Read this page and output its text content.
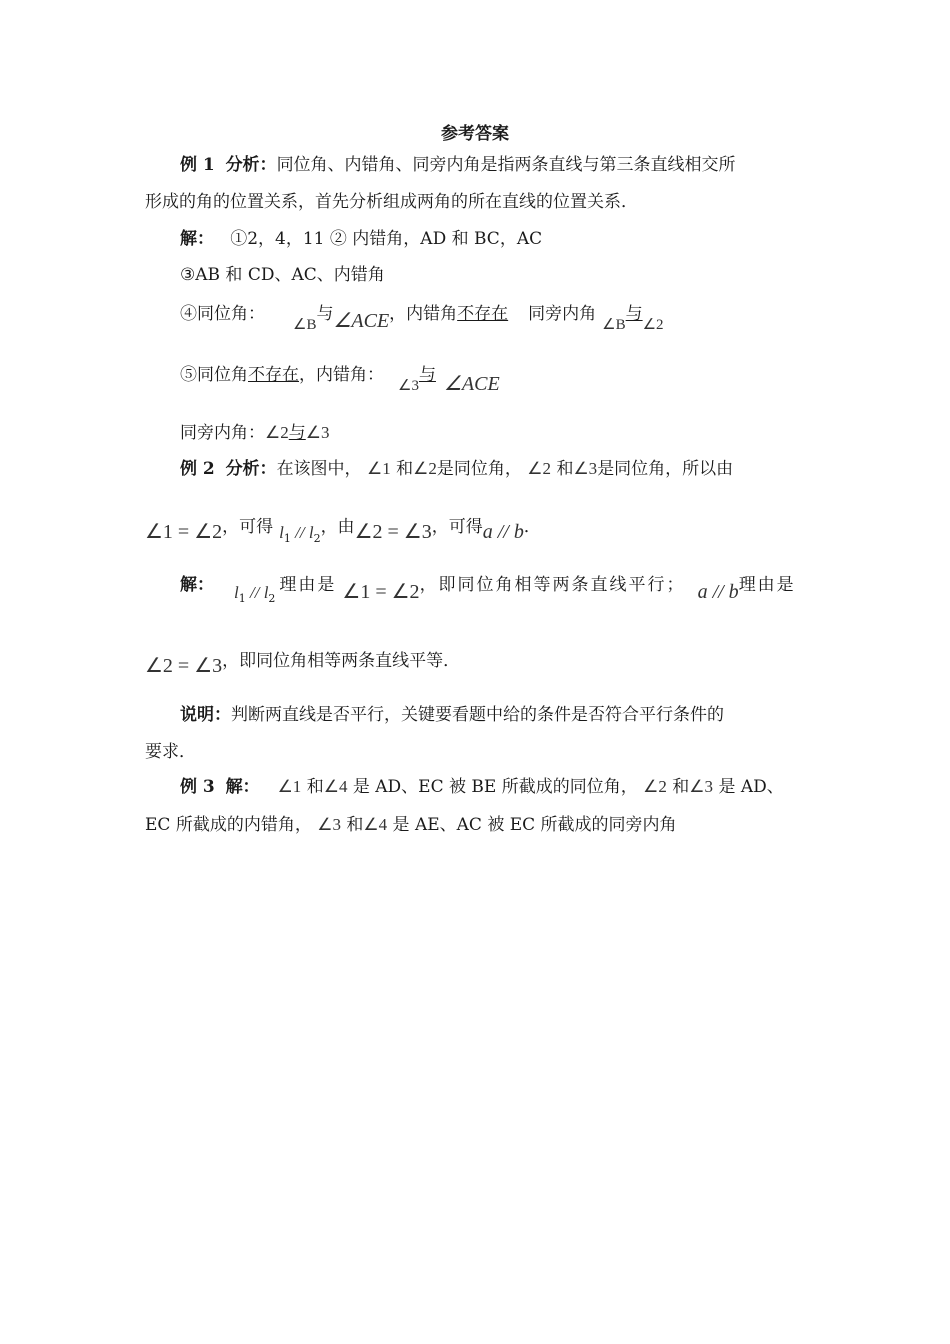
参考答案
例 1 分析：同位角、内错角、同旁内角是指两条直线与第三条直线相交所
形成的角的位置关系，首先分析组成两角的所在直线的位置关系．
解： ①2，4，11 ② 内错角，AD 和 BC，AC
③AB 和 CD、AC、内错角
④同位角：∠B与∠ACE，内错角不存在 同旁内角∠B与∠2
⑤同位角不存在，内错角：∠3与 ∠ACE
同旁内角：∠2与∠3
例 2 分析：在该图中， ∠1 和∠2是同位角， ∠2 和∠3是同位角，所以由
∠1 = ∠2，可得 $l_1 // l_2$，由∠2 = ∠3，可得a // b．
解： $l_1 // l_2$理由是 ∠1 = ∠2，即同位角相等两条直线平行； a // b理由是
∠2 = ∠3，即同位角相等两条直线平等．
说明：判断两直线是否平行，关键要看题中给的条件是否符合平行条件的
要求．
例 3 解： ∠1 和∠4 是 AD、EC 被 BE 所截成的同位角， ∠2 和∠3 是 AD、
EC 所截成的内错角， ∠3 和∠4 是 AE、AC 被 EC 所截成的同旁内角
